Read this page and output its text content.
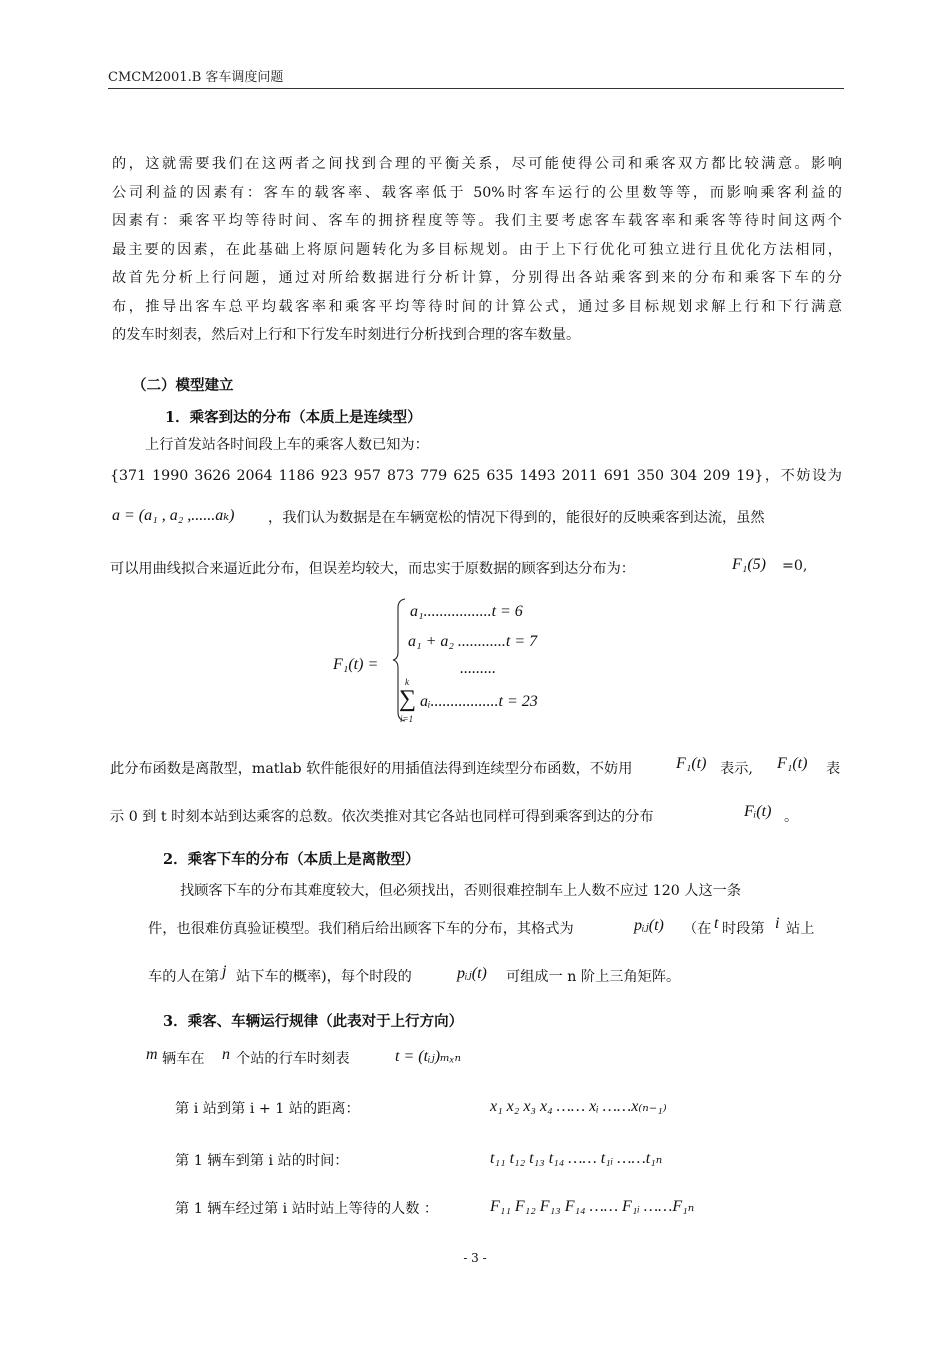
CMCM2001.B 客车调度问题
的，这就需要我们在这两者之间找到合理的平衡关系，尽可能使得公司和乘客双方都比较满意。影响
公司利益的因素有：客车的载客率、载客率低于 50%时客车运行的公里数等等，而影响乘客利益的
因素有：乘客平均等待时间、客车的拥挤程度等等。我们主要考虑客车载客率和乘客等待时间这两个
最主要的因素，在此基础上将原问题转化为多目标规划。由于上下行优化可独立进行且优化方法相同，
故首先分析上行问题，通过对所给数据进行分析计算，分别得出各站乘客到来的分布和乘客下车的分
布，推导出客车总平均载客率和乘客平均等待时间的计算公式，通过多目标规划求解上行和下行满意
的发车时刻表，然后对上行和下行发车时刻进行分析找到合理的客车数量。
（二）模型建立
1．乘客到达的分布（本质上是连续型）
上行首发站各时间段上车的乘客人数已知为：
{371 1990 3626 2064 1186 923 957 873 779 625 635 1493 2011 691 350 304 209 19}，不妨设为
a = (a₁ , a₂ ,......aₖ) ，我们认为数据是在车辆宽松的情况下得到的，能很好的反映乘客到达流，虽然
可以用曲线拟合来逼近此分布，但误差均较大，而忠实于原数据的顾客到达分布为：	F₁(5) =0,
F₁(t) =
a₁.................t = 6
a₁ + a₂ ............t = 7
.........
k
∑
i=1
aᵢ.................t = 23
此分布函数是离散型，matlab 软件能很好的用插值法得到连续型分布函数，不妨用	F₁(t) 表示, F₁(t) 表
示 0 到 t 时刻本站到达乘客的总数。依次类推对其它各站也同样可得到乘客到达的分布	Fᵢ(t) 。
2．乘客下车的分布（本质上是离散型）
找顾客下车的分布其难度较大，但必须找出，否则很难控制车上人数不应过 120 人这一条
件，也很难仿真验证模型。我们稍后给出顾客下车的分布，其格式为	pᵢⱼ(t) （在 t 时段第 i 站上
车的人在第 j 站下车的概率)，每个时段的	pᵢⱼ(t) 可组成一 n 阶上三角矩阵。
3．乘客、车辆运行规律（此表对于上行方向）
m 辆车在 n 个站的行车时刻表	t = (tᵢⱼ)ₘₓₙ
第 i 站到第 i + 1 站的距离：	x₁ x₂ x₃ x₄ …… xᵢ ……x₍ₙ₋₁₎
第 1 辆车到第 i 站的时间：	t₁₁ t₁₂ t₁₃ t₁₄ …… t₁ᵢ ……t₁ₙ
第 1 辆车经过第 i 站时站上等待的人数 ：	F₁₁ F₁₂ F₁₃ F₁₄ …… F₁ᵢ ……F₁ₙ
- 3 -
